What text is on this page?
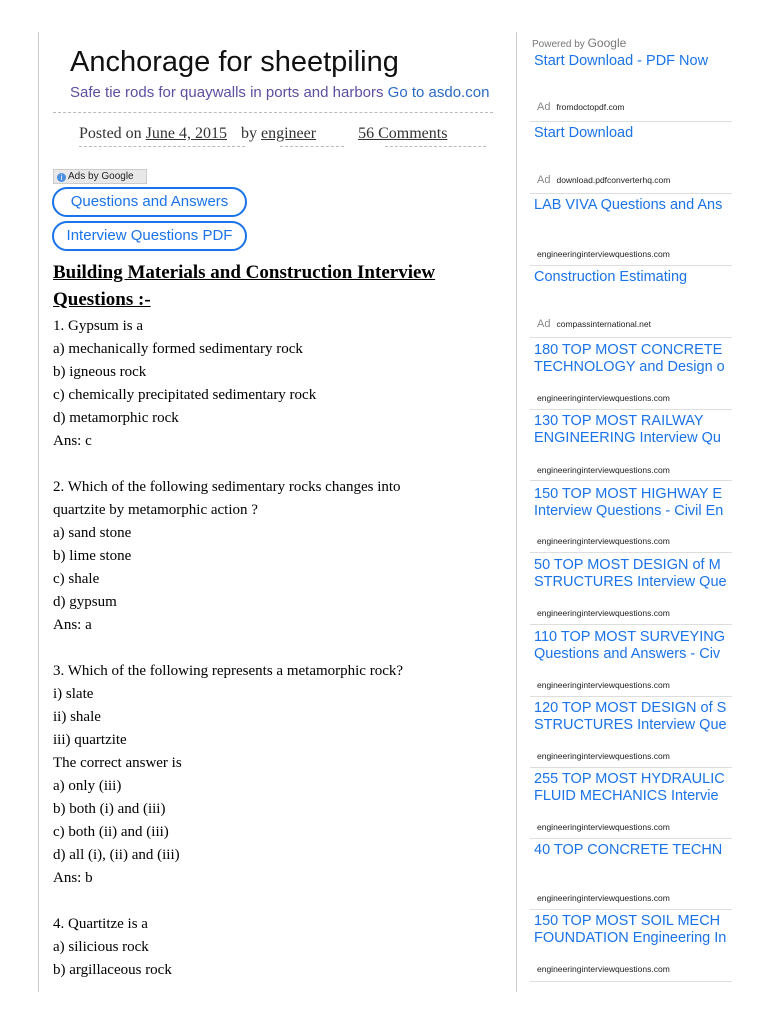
Anchorage for sheetpiling
Safe tie rods for quaywalls in ports and harbors Go to asdo.con
Posted on June 4, 2015 by engineer	56 Comments
i Ads by Google
Questions and Answers
Interview Questions PDF
Building Materials and Construction Interview Questions :-
1. Gypsum is a
a) mechanically formed sedimentary rock
b) igneous rock
c) chemically precipitated sedimentary rock
d) metamorphic rock
Ans: c
2. Which of the following sedimentary rocks changes into
quartzite by metamorphic action ?
a) sand stone
b) lime stone
c) shale
d) gypsum
Ans: a
3. Which of the following represents a metamorphic rock?
i) slate
ii) shale
iii) quartzite
The correct answer is
a) only (iii)
b) both (i) and (iii)
c) both (ii) and (iii)
d) all (i), (ii) and (iii)
Ans: b
4. Quartitze is a
a) silicious rock
b) argillaceous rock
Powered by Google
Start Download - PDF Now
Ad fromdoctopdf.com
Start Download
Ad download.pdfconverterhq.com
LAB VIVA Questions and Ans
engineeringinterviewquestions.com
Construction Estimating
Ad compassinternational.net
180 TOP MOST CONCRETE
TECHNOLOGY and Design o
engineeringinterviewquestions.com
130 TOP MOST RAILWAY
ENGINEERING Interview Qu
engineeringinterviewquestions.com
150 TOP MOST HIGHWAY E
Interview Questions - Civil En
engineeringinterviewquestions.com
50 TOP MOST DESIGN of M
STRUCTURES Interview Que
engineeringinterviewquestions.com
110 TOP MOST SURVEYING
Questions and Answers - Civ
engineeringinterviewquestions.com
120 TOP MOST DESIGN of S
STRUCTURES Interview Que
engineeringinterviewquestions.com
255 TOP MOST HYDRAULIC
FLUID MECHANICS Intervie
engineeringinterviewquestions.com
40 TOP CONCRETE TECHN
engineeringinterviewquestions.com
150 TOP MOST SOIL MECH
FOUNDATION Engineering In
engineeringinterviewquestions.com
